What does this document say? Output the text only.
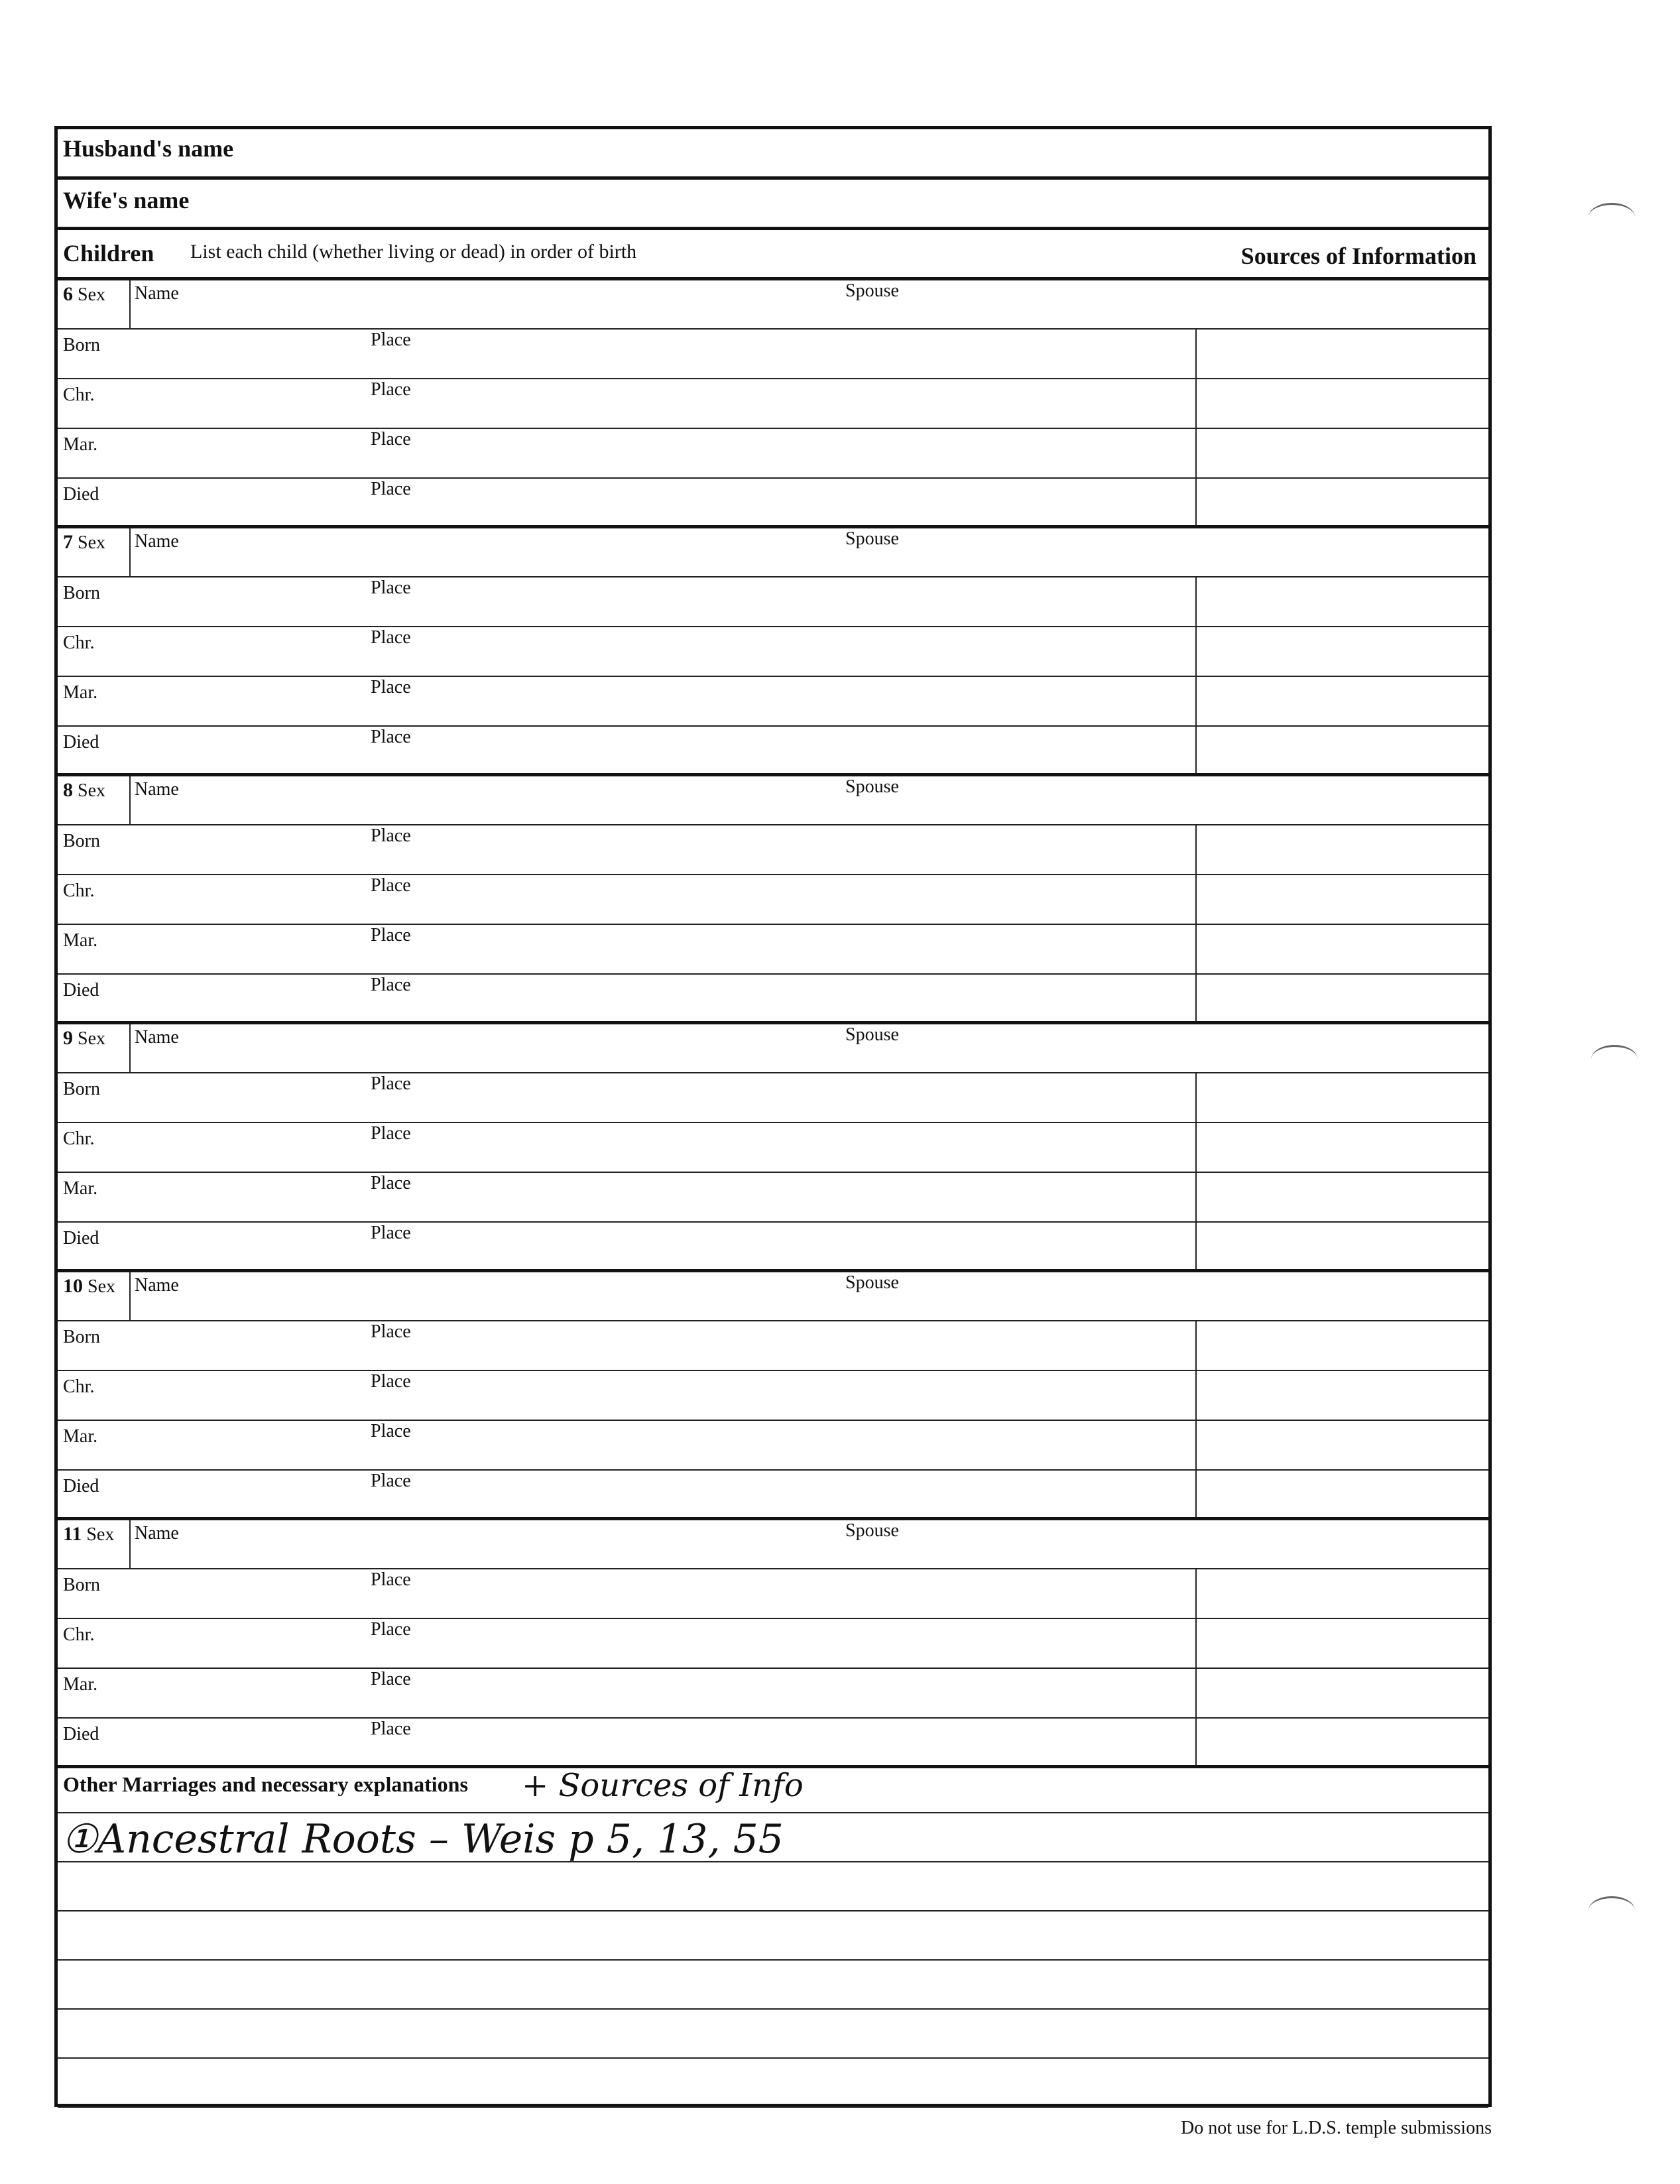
Husband's name
Wife's name
Children List each child (whether living or dead) in order of birth	Sources of Information
6 Sex Name	Spouse
Born	Place
Chr.	Place
Mar.	Place
Died	Place
7 Sex Name	Spouse
Born	Place
Chr.	Place
Mar.	Place
Died	Place
8 Sex Name	Spouse
Born	Place
Chr.	Place
Mar.	Place
Died	Place
9 Sex Name	Spouse
Born	Place
Chr.	Place
Mar.	Place
Died	Place
10 Sex Name	Spouse
Born	Place
Chr.	Place
Mar.	Place
Died	Place
11 Sex Name	Spouse
Born	Place
Chr.	Place
Mar.	Place
Died	Place
Other Marriages and necessary explanations + Sources of Info
①Ancestral Roots – Weis p 5, 13, 55
Do not use for L.D.S. temple submissions
